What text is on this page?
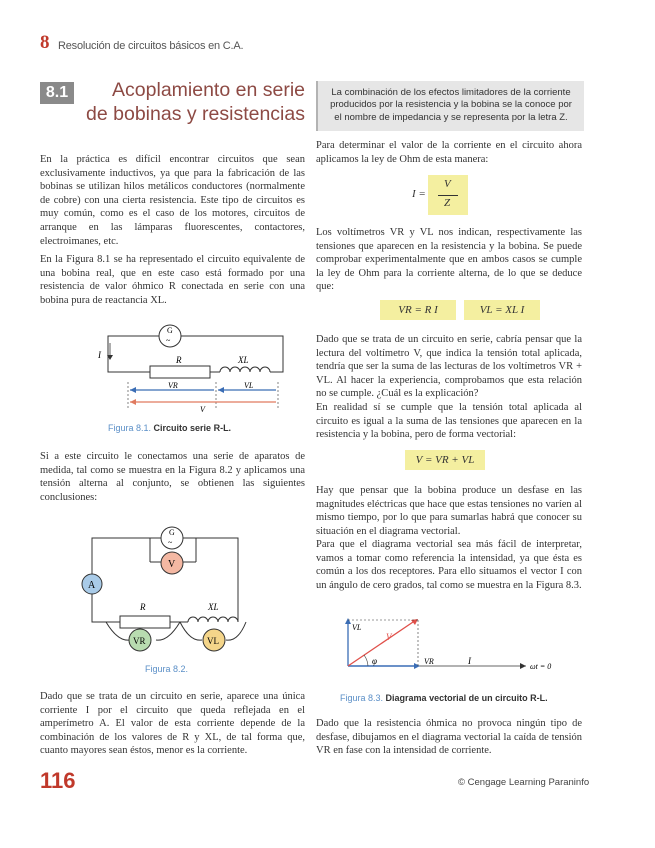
8 Resolución de circuitos básicos en C.A.
8.1	Acoplamiento en serie
de bobinas y resistencias

La combinación de los efectos limitadores de la corriente producidos por la resistencia y la bobina se la conoce por el nombre de impedancia y se representa por la letra Z.

En la práctica es difícil encontrar circuitos que sean exclusivamente inductivos, ya que para la fabricación de las bobinas se utilizan hilos metálicos conductores (normalmente de cobre) con una cierta resistencia. Este tipo de circuitos es muy común, como es el caso de los motores, circuitos de arranque en las lámparas fluorescentes, contactores, electroimanes, etc.
En la Figura 8.1 se ha representado el circuito equivalente de una bobina real, que en este caso está formado por una resistencia de valor óhmico R conectada en serie con una bobina pura de reactancia XL.
G
~
I	R	XL
VR	VL
V
Figura 8.1. Circuito serie R-L.
Si a este circuito le conectamos una serie de aparatos de medida, tal como se muestra en la Figura 8.2 y aplicamos una tensión alterna al conjunto, se obtienen las siguientes conclusiones:
G
~
V
A
R	XL
VR	VL
Figura 8.2.
Dado que se trata de un circuito en serie, aparece una única corriente I por el circuito que queda reflejada en el amperímetro A. El valor de esta corriente depende de la combinación de los valores de R y XL, de tal forma que, cuanto mayores sean éstos, menor es la corriente.
Para determinar el valor de la corriente en el circuito ahora aplicamos la ley de Ohm de esta manera:
I =
V
Z
Los voltímetros VR y VL nos indican, respectivamente las tensiones que aparecen en la resistencia y la bobina. Se puede comprobar experimentalmente que en ambos casos se cumple la ley de Ohm para la corriente alterna, de lo que se deduce que:
VR = R I	VL = XL I
Dado que se trata de un circuito en serie, cabría pensar que la lectura del voltímetro V, que indica la tensión total aplicada, tendría que ser la suma de las lecturas de los voltímetros VR + VL. Al hacer la experiencia, comprobamos que esta relación no se cumple. ¿Cuál es la explicación?
En realidad sí se cumple que la tensión total aplicada al circuito es igual a la suma de las tensiones que aparecen en la resistencia y la bobina, pero de forma vectorial:
V = VR + VL
Hay que pensar que la bobina produce un desfase en las magnitudes eléctricas que hace que estas tensiones no varíen al mismo tiempo, por lo que para sumarlas habrá que conocer su situación en el diagrama vectorial.
Para que el diagrama vectorial sea más fácil de interpretar, vamos a tomar como referencia la intensidad, ya que ésta es común a los dos receptores. Para ello situamos el vector I con un ángulo de cero grados, tal como se muestra en la Figura 8.3.
VL
V
φ	VR	I
ωt = 0
Figura 8.3. Diagrama vectorial de un circuito R-L.
Dado que la resistencia óhmica no provoca ningún tipo de desfase, dibujamos en el diagrama vectorial la caída de tensión VR en fase con la intensidad de corriente.
116	© Cengage Learning Paraninfo
